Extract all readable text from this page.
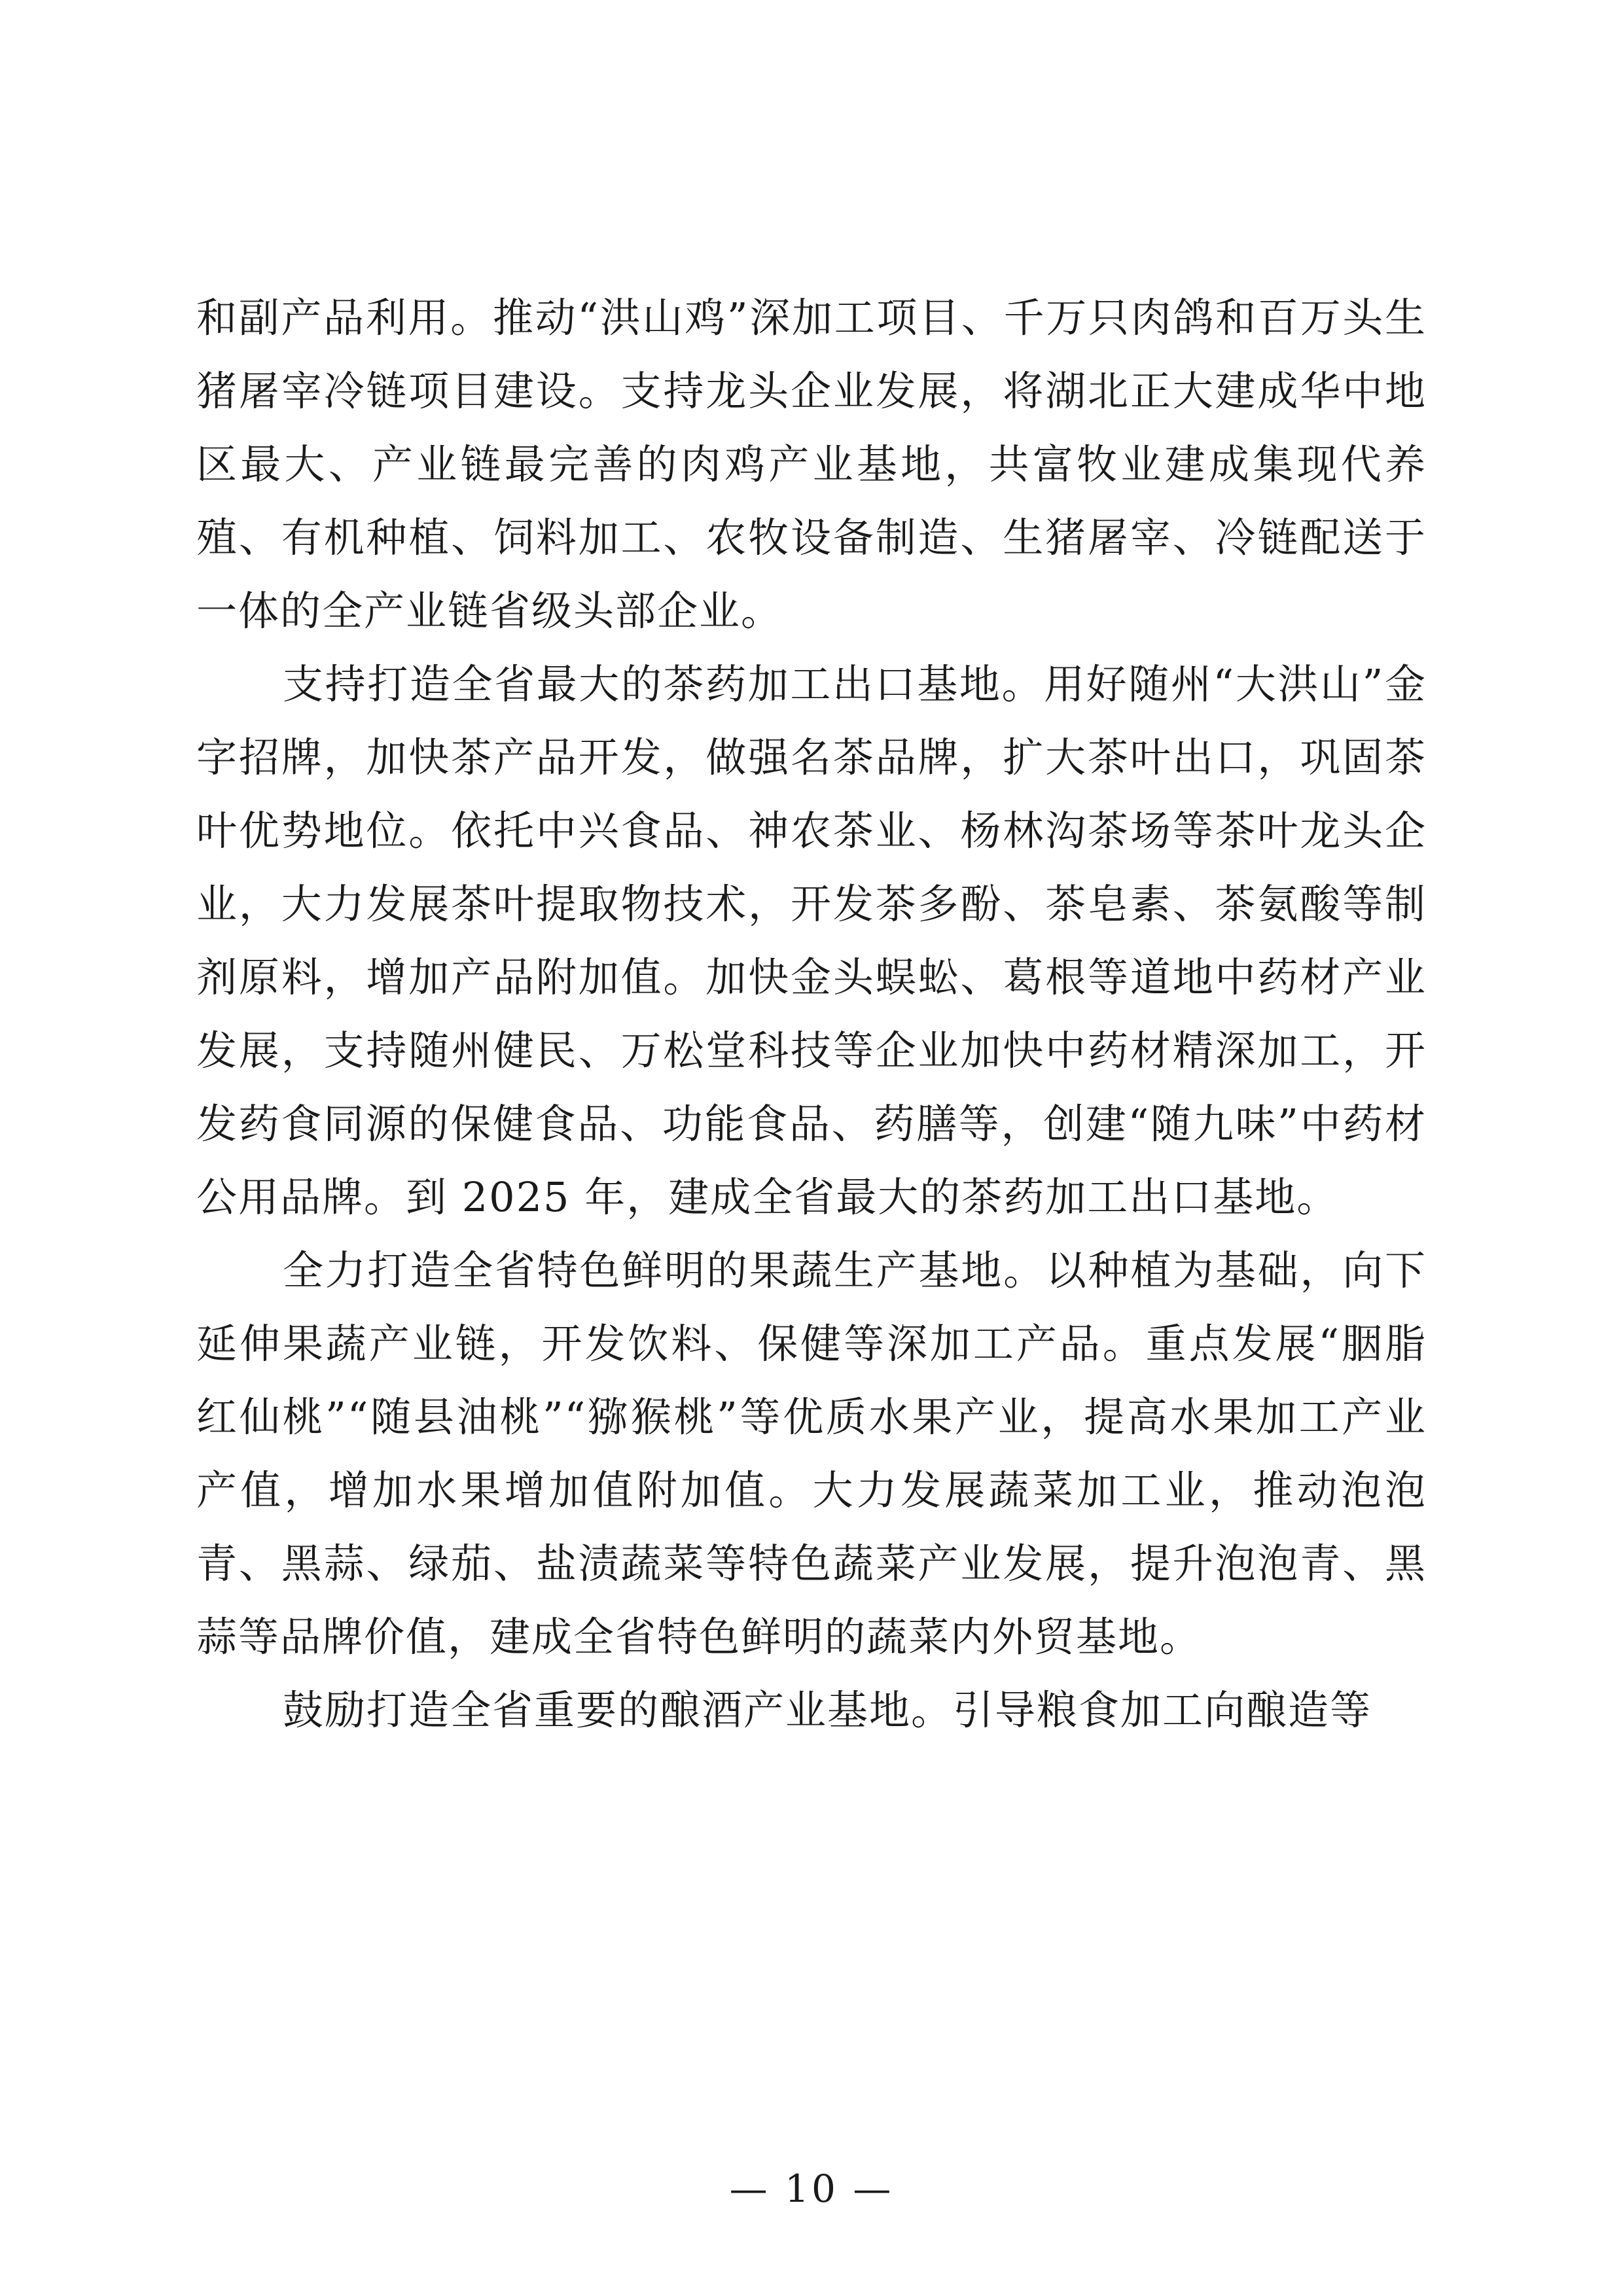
和副产品利用。推动“洪山鸡”深加工项目、千万只肉鸽和百万头生猪屠宰冷链项目建设。支持龙头企业发展，将湖北正大建成华中地区最大、产业链最完善的肉鸡产业基地，共富牧业建成集现代养殖、有机种植、饲料加工、农牧设备制造、生猪屠宰、冷链配送于一体的全产业链省级头部企业。

支持打造全省最大的茶药加工出口基地。用好随州“大洪山”金字招牌，加快茶产品开发，做强名茶品牌，扩大茶叶出口，巩固茶叶优势地位。依托中兴食品、神农茶业、杨林沟茶场等茶叶龙头企业，大力发展茶叶提取物技术，开发茶多酚、茶皂素、茶氨酸等制剂原料，增加产品附加值。加快金头蜈蚣、葛根等道地中药材产业发展，支持随州健民、万松堂科技等企业加快中药材精深加工，开发药食同源的保健食品、功能食品、药膳等，创建“随九味”中药材公用品牌。到 2025 年，建成全省最大的茶药加工出口基地。

全力打造全省特色鲜明的果蔬生产基地。以种植为基础，向下延伸果蔬产业链，开发饮料、保健等深加工产品。重点发展“胭脂红仙桃”“随县油桃”“猕猴桃”等优质水果产业，提高水果加工产业产值，增加水果增加值附加值。大力发展蔬菜加工业，推动泡泡青、黑蒜、绿茄、盐渍蔬菜等特色蔬菜产业发展，提升泡泡青、黑蒜等品牌价值，建成全省特色鲜明的蔬菜内外贸基地。

鼓励打造全省重要的酿酒产业基地。引导粮食加工向酿造等

— 10 —
